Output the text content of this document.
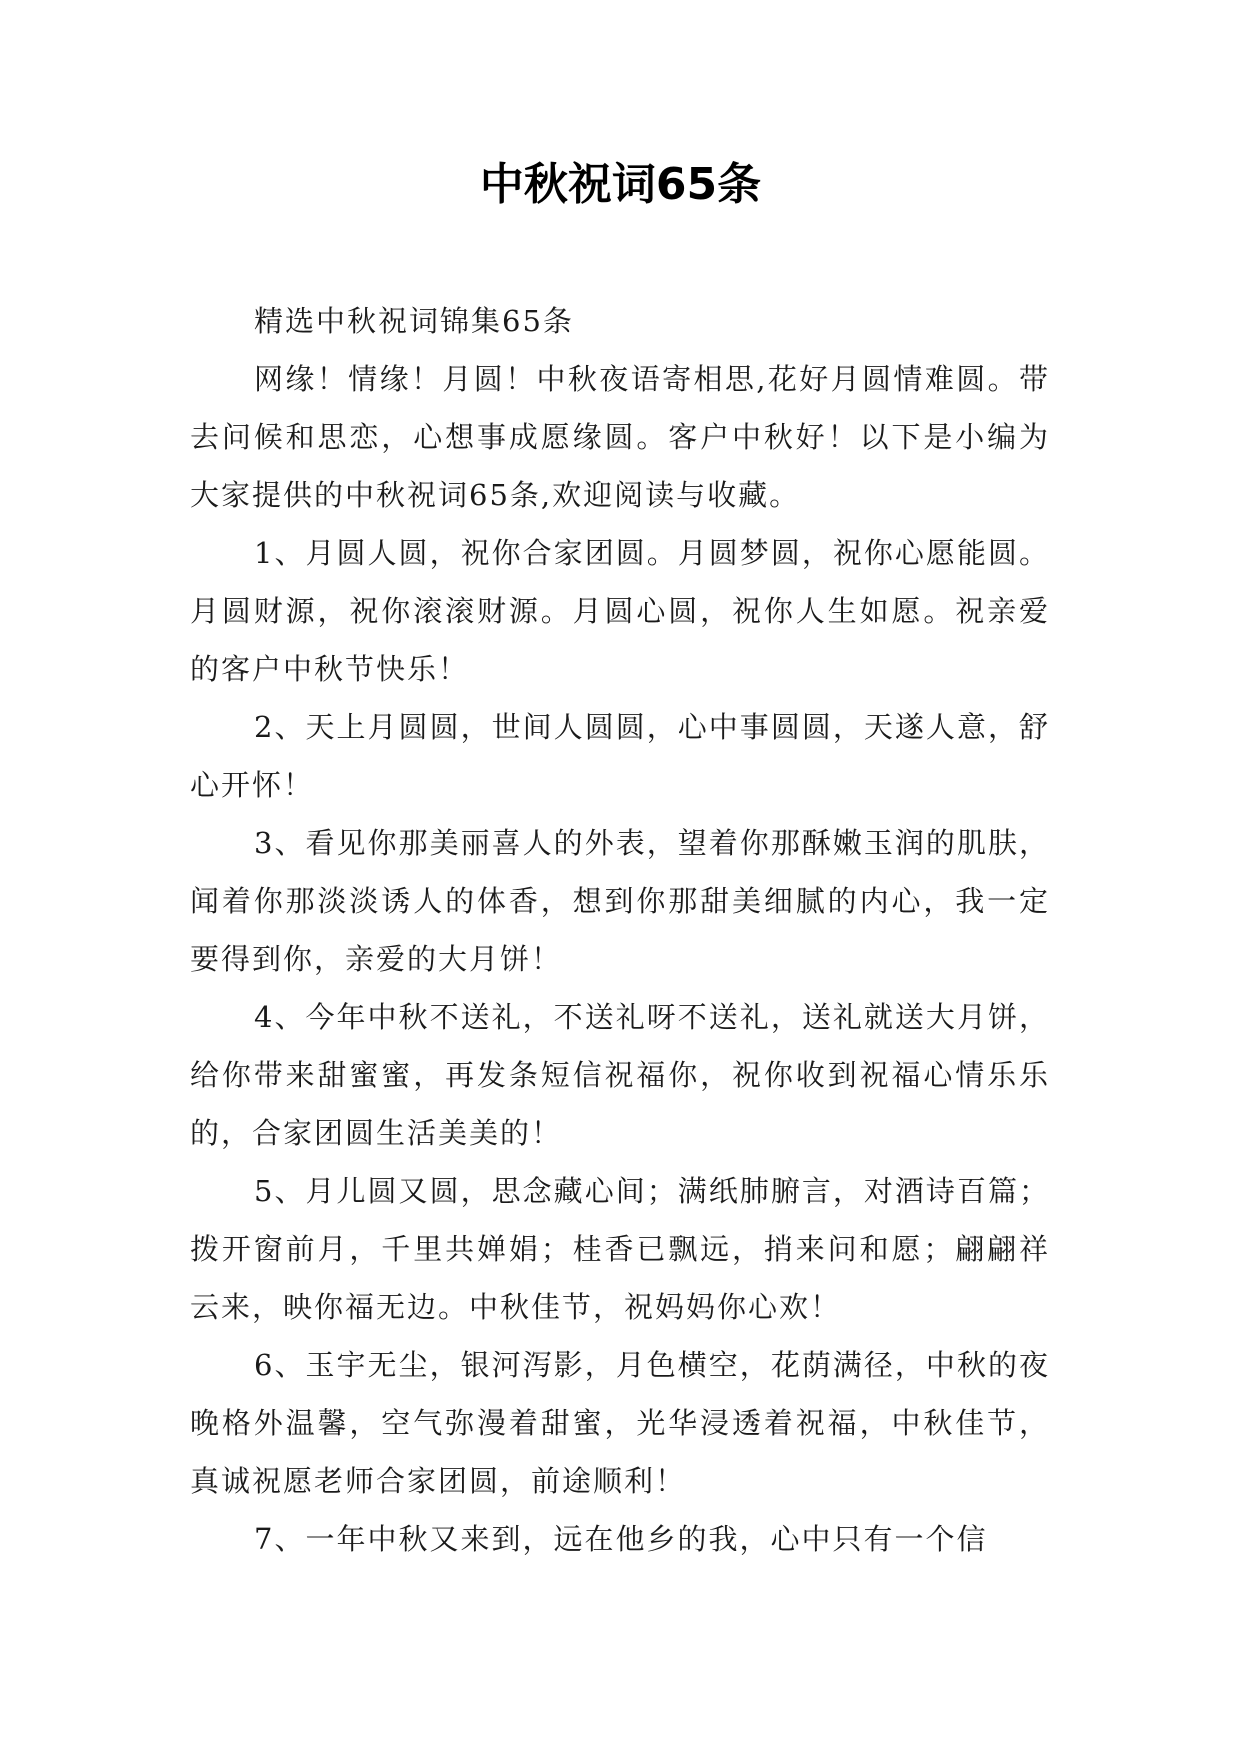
中秋祝词65条

精选中秋祝词锦集65条

网缘！情缘！月圆！中秋夜语寄相思,花好月圆情难圆。带去问候和思恋，心想事成愿缘圆。客户中秋好！以下是小编为大家提供的中秋祝词65条,欢迎阅读与收藏。

1、月圆人圆，祝你合家团圆。月圆梦圆，祝你心愿能圆。月圆财源，祝你滚滚财源。月圆心圆，祝你人生如愿。祝亲爱的客户中秋节快乐！

2、天上月圆圆，世间人圆圆，心中事圆圆，天遂人意，舒心开怀！

3、看见你那美丽喜人的外表，望着你那酥嫩玉润的肌肤，闻着你那淡淡诱人的体香，想到你那甜美细腻的内心，我一定要得到你，亲爱的大月饼！

4、今年中秋不送礼，不送礼呀不送礼，送礼就送大月饼，给你带来甜蜜蜜，再发条短信祝福你，祝你收到祝福心情乐乐的，合家团圆生活美美的！

5、月儿圆又圆，思念藏心间；满纸肺腑言，对酒诗百篇；拨开窗前月，千里共婵娟；桂香已飘远，捎来问和愿；翩翩祥云来，映你福无边。中秋佳节，祝妈妈你心欢！

6、玉宇无尘，银河泻影，月色横空，花荫满径，中秋的夜晚格外温馨，空气弥漫着甜蜜，光华浸透着祝福，中秋佳节，真诚祝愿老师合家团圆，前途顺利！

7、一年中秋又来到，远在他乡的我，心中只有一个信
